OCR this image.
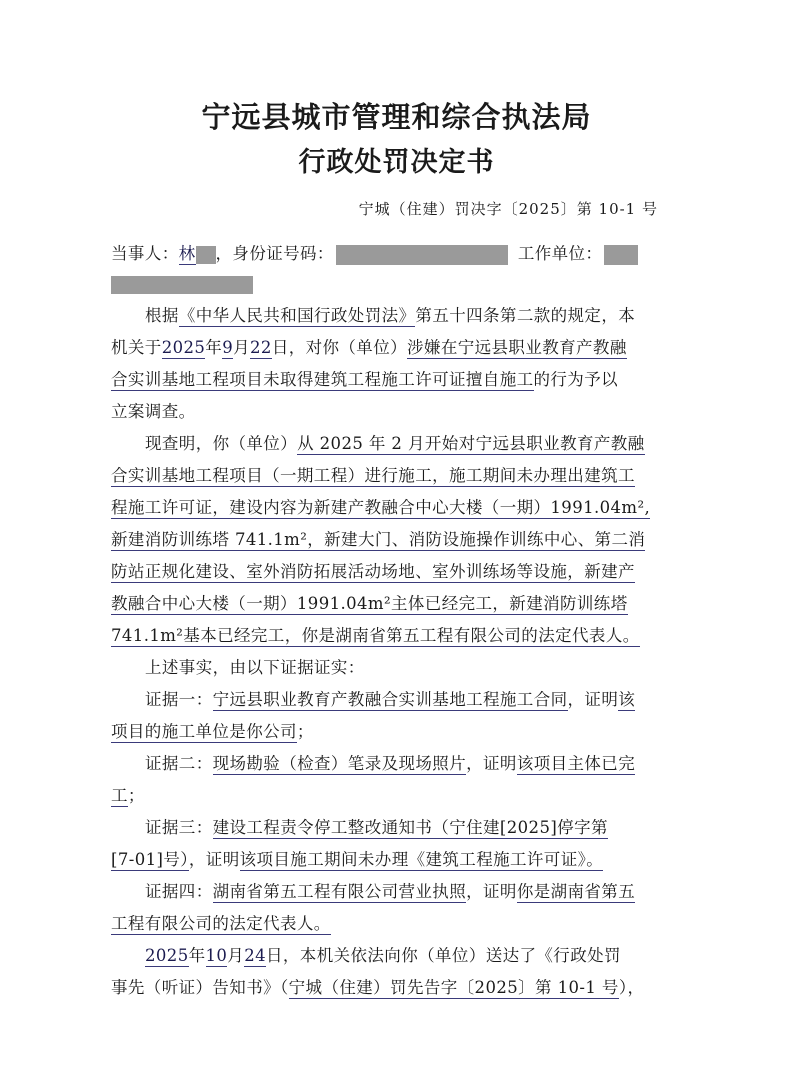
宁远县城市管理和综合执法局
行政处罚决定书
宁城（住建）罚决字〔2025〕第 10-1 号
当事人：林 ，身份证号码：	工作单位：
根据《中华人民共和国行政处罚法》第五十四条第二款的规定，本
机关于2025年9月22日，对你（单位）涉嫌在宁远县职业教育产教融
合实训基地工程项目未取得建筑工程施工许可证擅自施工的行为予以
立案调查。
现查明，你（单位）从 2025 年 2 月开始对宁远县职业教育产教融
合实训基地工程项目（一期工程）进行施工，施工期间未办理出建筑工
程施工许可证，建设内容为新建产教融合中心大楼（一期）1991.04m²,
新建消防训练塔 741.1m²，新建大门、消防设施操作训练中心、第二消
防站正规化建设、室外消防拓展活动场地、室外训练场等设施，新建产
教融合中心大楼（一期）1991.04m²主体已经完工，新建消防训练塔
741.1m²基本已经完工，你是湖南省第五工程有限公司的法定代表人。
上述事实，由以下证据证实：
证据一：宁远县职业教育产教融合实训基地工程施工合同，证明该
项目的施工单位是你公司；
证据二：现场勘验（检查）笔录及现场照片，证明该项目主体已完
工；
证据三：建设工程责令停工整改通知书（宁住建[2025]停字第
[7-01]号），证明该项目施工期间未办理《建筑工程施工许可证》。
证据四：湖南省第五工程有限公司营业执照，证明你是湖南省第五
工程有限公司的法定代表人。
2025年10月24日，本机关依法向你（单位）送达了《行政处罚
事先（听证）告知书》（宁城（住建）罚先告字〔2025〕第 10-1 号），
